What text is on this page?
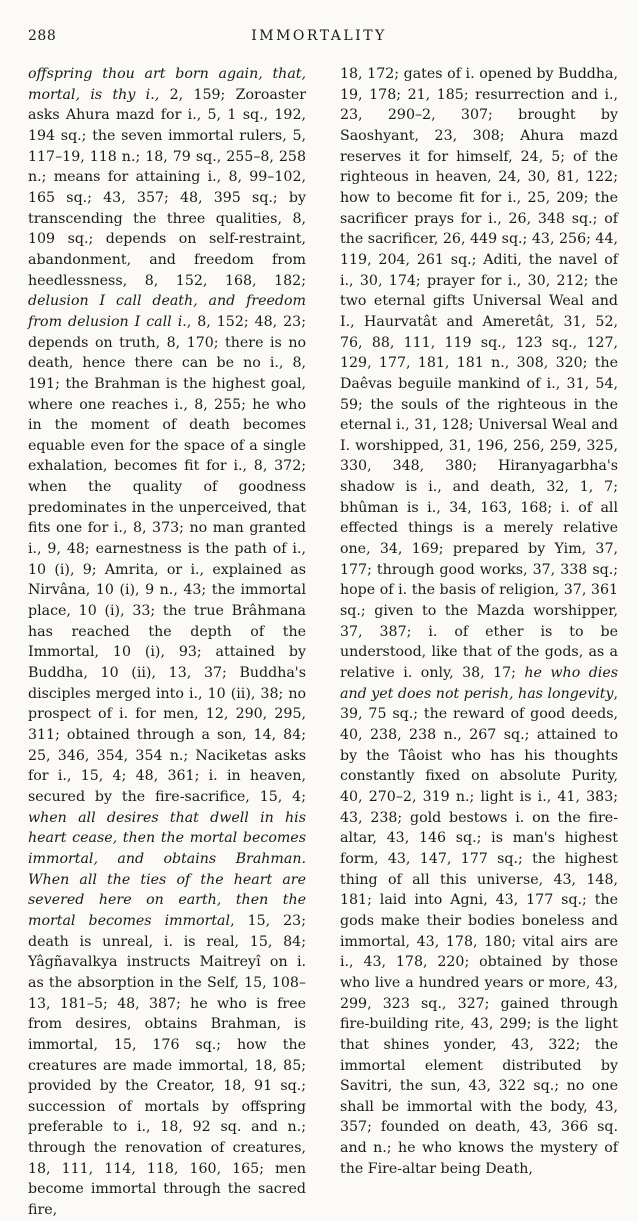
288	IMMORTALITY

offspring thou art born again, that, mortal, is thy i., 2, 159; Zoroaster asks Ahura mazd for i., 5, 1 sq., 192, 194 sq.; the seven immortal rulers, 5, 117–19, 118 n.; 18, 79 sq., 255–8, 258 n.; means for attaining i., 8, 99–102, 165 sq.; 43, 357; 48, 395 sq.; by transcending the three qualities, 8, 109 sq.; depends on self-restraint, abandonment, and freedom from heedlessness, 8, 152, 168, 182; delusion I call death, and freedom from delusion I call i., 8, 152; 48, 23; depends on truth, 8, 170; there is no death, hence there can be no i., 8, 191; the Brahman is the highest goal, where one reaches i., 8, 255; he who in the moment of death becomes equable even for the space of a single exhalation, becomes fit for i., 8, 372; when the quality of goodness predominates in the unperceived, that fits one for i., 8, 373; no man granted i., 9, 48; earnestness is the path of i., 10 (i), 9; Amrita, or i., explained as Nirvâna, 10 (i), 9 n., 43; the immortal place, 10 (i), 33; the true Brâhmana has reached the depth of the Immortal, 10 (i), 93; attained by Buddha, 10 (ii), 13, 37; Buddha's disciples merged into i., 10 (ii), 38; no prospect of i. for men, 12, 290, 295, 311; obtained through a son, 14, 84; 25, 346, 354, 354 n.; Naciketas asks for i., 15, 4; 48, 361; i. in heaven, secured by the fire-sacrifice, 15, 4; when all desires that dwell in his heart cease, then the mortal becomes immortal, and obtains Brahman. When all the ties of the heart are severed here on earth, then the mortal becomes immortal, 15, 23; death is unreal, i. is real, 15, 84; Yâgñavalkya instructs Maitreyî on i. as the absorption in the Self, 15, 108–13, 181–5; 48, 387; he who is free from desires, obtains Brahman, is immortal, 15, 176 sq.; how the creatures are made immortal, 18, 85; provided by the Creator, 18, 91 sq.; succession of mortals by offspring preferable to i., 18, 92 sq. and n.; through the renovation of creatures, 18, 111, 114, 118, 160, 165; men become immortal through the sacred fire,

18, 172; gates of i. opened by Buddha, 19, 178; 21, 185; resurrection and i., 23, 290–2, 307; brought by Saoshyant, 23, 308; Ahura mazd reserves it for himself, 24, 5; of the righteous in heaven, 24, 30, 81, 122; how to become fit for i., 25, 209; the sacrificer prays for i., 26, 348 sq.; of the sacrificer, 26, 449 sq.; 43, 256; 44, 119, 204, 261 sq.; Aditi, the navel of i., 30, 174; prayer for i., 30, 212; the two eternal gifts Universal Weal and I., Haurvatât and Ameretât, 31, 52, 76, 88, 111, 119 sq., 123 sq., 127, 129, 177, 181, 181 n., 308, 320; the Daêvas beguile mankind of i., 31, 54, 59; the souls of the righteous in the eternal i., 31, 128; Universal Weal and I. worshipped, 31, 196, 256, 259, 325, 330, 348, 380; Hiranyagarbha's shadow is i., and death, 32, 1, 7; bhûman is i., 34, 163, 168; i. of all effected things is a merely relative one, 34, 169; prepared by Yim, 37, 177; through good works, 37, 338 sq.; hope of i. the basis of religion, 37, 361 sq.; given to the Mazda worshipper, 37, 387; i. of ether is to be understood, like that of the gods, as a relative i. only, 38, 17; he who dies and yet does not perish, has longevity, 39, 75 sq.; the reward of good deeds, 40, 238, 238 n., 267 sq.; attained to by the Tâoist who has his thoughts constantly fixed on absolute Purity, 40, 270–2, 319 n.; light is i., 41, 383; 43, 238; gold bestows i. on the fire-altar, 43, 146 sq.; is man's highest form, 43, 147, 177 sq.; the highest thing of all this universe, 43, 148, 181; laid into Agni, 43, 177 sq.; the gods make their bodies boneless and immortal, 43, 178, 180; vital airs are i., 43, 178, 220; obtained by those who live a hundred years or more, 43, 299, 323 sq., 327; gained through fire-building rite, 43, 299; is the light that shines yonder, 43, 322; the immortal element distributed by Savitri, the sun, 43, 322 sq.; no one shall be immortal with the body, 43, 357; founded on death, 43, 366 sq. and n.; he who knows the mystery of the Fire-altar being Death,
